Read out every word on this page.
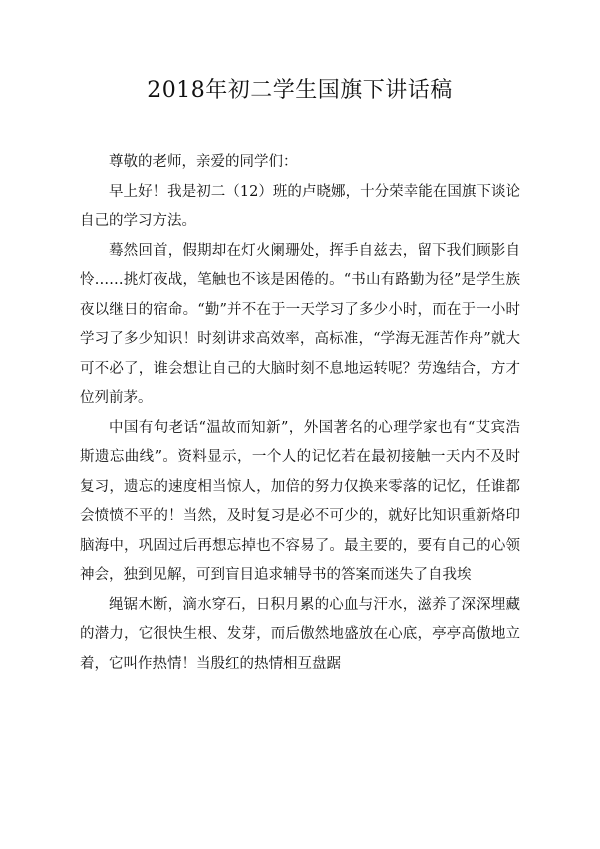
2018年初二学生国旗下讲话稿

尊敬的老师，亲爱的同学们：

早上好！我是初二（12）班的卢晓娜，十分荣幸能在国旗下谈论自己的学习方法。

蓦然回首，假期却在灯火阑珊处，挥手自兹去，留下我们顾影自怜……挑灯夜战，笔触也不该是困倦的。“书山有路勤为径”是学生族夜以继日的宿命。“勤”并不在于一天学习了多少小时，而在于一小时学习了多少知识！时刻讲求高效率，高标准，“学海无涯苦作舟”就大可不必了，谁会想让自己的大脑时刻不息地运转呢？劳逸结合，方才位列前茅。

中国有句老话“温故而知新”，外国著名的心理学家也有“艾宾浩斯遗忘曲线”。资料显示，一个人的记忆若在最初接触一天内不及时复习，遗忘的速度相当惊人，加倍的努力仅换来零落的记忆，任谁都会愤愤不平的！当然，及时复习是必不可少的，就好比知识重新烙印脑海中，巩固过后再想忘掉也不容易了。最主要的，要有自己的心领神会，独到见解，可到盲目追求辅导书的答案而迷失了自我埃

绳锯木断，滴水穿石，日积月累的心血与汗水，滋养了深深埋藏的潜力，它很快生根、发芽，而后傲然地盛放在心底，亭亭高傲地立着，它叫作热情！当殷红的热情相互盘踞
